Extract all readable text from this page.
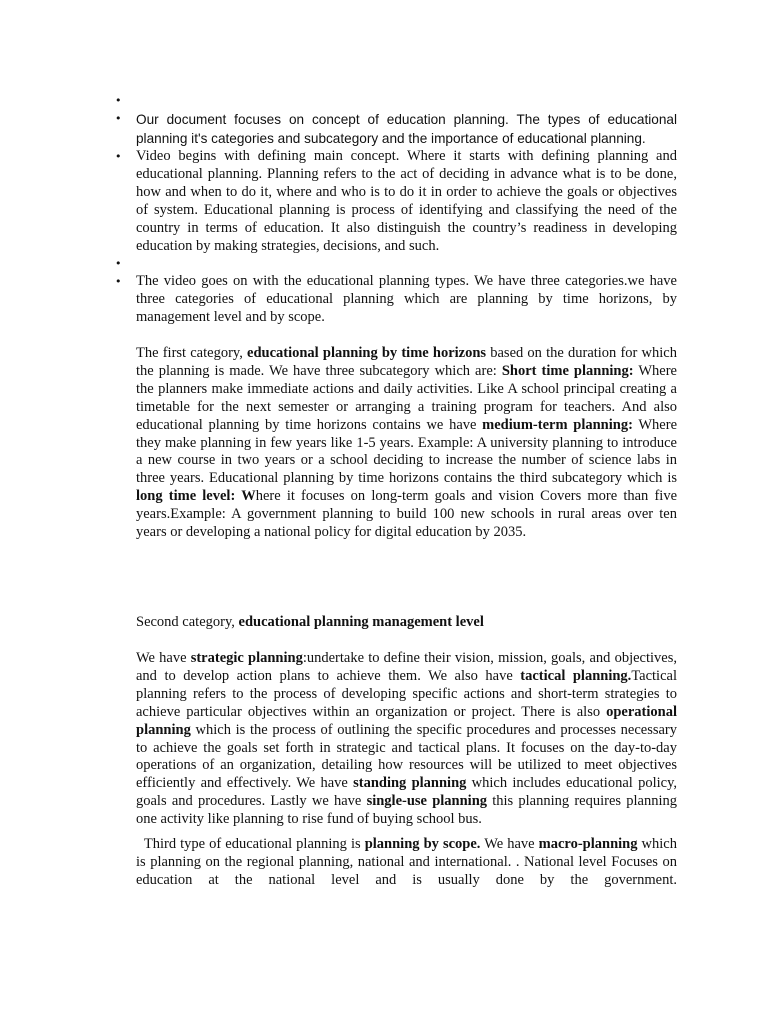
•
• Our document focuses on concept of education planning. The types of educational planning it's categories and subcategory and the importance of educational planning.
• Video begins with defining main concept. Where it starts with defining planning and educational planning. Planning refers to the act of deciding in advance what is to be done, how and when to do it, where and who is to do it in order to achieve the goals or objectives of system. Educational planning is process of identifying and classifying the need of the country in terms of education. It also distinguish the country’s readiness in developing education by making strategies, decisions, and such.
•
• The video goes on with the educational planning types. We have three categories.we have three categories of educational planning which are planning by time horizons, by management level and by scope.

The first category, educational planning by time horizons based on the duration for which the planning is made. We have three subcategory which are: Short time planning: Where the planners make immediate actions and daily activities. Like A school principal creating a timetable for the next semester or arranging a training program for teachers. And also educational planning by time horizons contains we have medium-term planning: Where they make planning in few years like 1-5 years. Example: A university planning to introduce a new course in two years or a school deciding to increase the number of science labs in three years. Educational planning by time horizons contains the third subcategory which is long time level: Where it focuses on long-term goals and vision Covers more than five years.Example: A government planning to build 100 new schools in rural areas over ten years or developing a national policy for digital education by 2035.

Second category, educational planning management level

We have strategic planning:undertake to define their vision, mission, goals, and objectives, and to develop action plans to achieve them. We also have tactical planning.Tactical planning refers to the process of developing specific actions and short-term strategies to achieve particular objectives within an organization or project. There is also operational planning which is the process of outlining the specific procedures and processes necessary to achieve the goals set forth in strategic and tactical plans. It focuses on the day-to-day operations of an organization, detailing how resources will be utilized to meet objectives efficiently and effectively. We have standing planning which includes educational policy, goals and procedures. Lastly we have single-use planning this planning requires planning one activity like planning to rise fund of buying school bus.

Third type of educational planning is planning by scope. We have macro-planning which is planning on the regional planning, national and international. . National level Focuses on education at the national level and is usually done by the government.
